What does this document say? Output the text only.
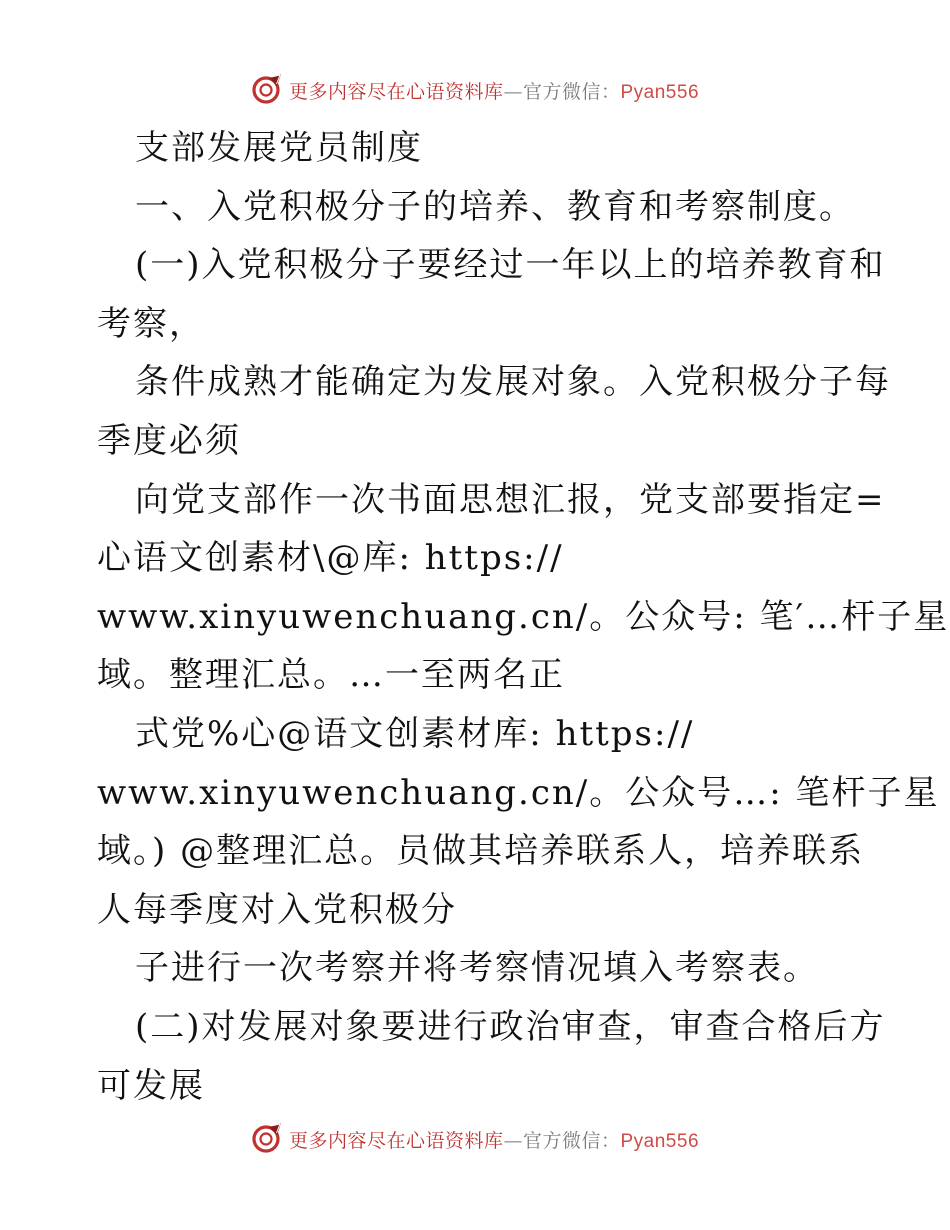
更多内容尽在心语资料库—官方微信：Pyan556
支部发展党员制度
一、入党积极分子的培养、教育和考察制度。
(一)入党积极分子要经过一年以上的培养教育和
考察，
条件成熟才能确定为发展对象。入党积极分子每
季度必须
向党支部作一次书面思想汇报，党支部要指定=
心语文创素材\@库: https://
www.xinyuwenchuang.cn/。公众号: 笔′…杆子星
域。整理汇总。…一至两名正
式党%心@语文创素材库: https://
www.xinyuwenchuang.cn/。公众号…: 笔杆子星
域。) @整理汇总。员做其培养联系人，培养联系
人每季度对入党积极分
子进行一次考察并将考察情况填入考察表。
(二)对发展对象要进行政治审查，审查合格后方
可发展
更多内容尽在心语资料库—官方微信：Pyan556
